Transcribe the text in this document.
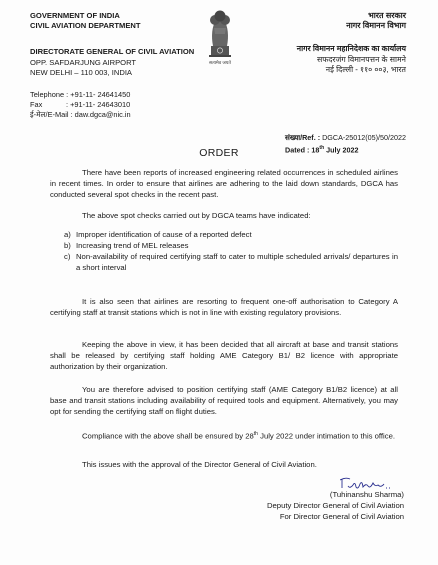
GOVERNMENT OF INDIA
CIVIL AVIATION DEPARTMENT
भारत सरकार
नागर विमानन विभाग
सत्यमेव जयते
DIRECTORATE GENERAL OF CIVIL AVIATION
OPP. SAFDARJUNG AIRPORT
NEW DELHI – 110 003, INDIA
नागर विमानन महानिदेशक का कार्यालय
सफदरजंग विमानपत्तन के सामने
नई दिल्ली - ११० ००३, भारत
Telephone : +91-11- 24641450
Fax	: +91-11- 24643010
ई-मेल/E-Mail : daw.dgca@nic.in
संख्या/Ref. : DGCA-25012(05)/50/2022
Dated : 18th July 2022
ORDER
There have been reports of increased engineering related occurrences in scheduled airlines in recent times. In order to ensure that airlines are adhering to the laid down standards, DGCA has conducted several spot checks in the recent past.
The above spot checks carried out by DGCA teams have indicated:
a) Improper identification of cause of a reported defect
b) Increasing trend of MEL releases
c) Non-availability of required certifying staff to cater to multiple scheduled arrivals/ departures in a short interval
It is also seen that airlines are resorting to frequent one-off authorisation to Category A certifying staff at transit stations which is not in line with existing regulatory provisions.
Keeping the above in view, it has been decided that all aircraft at base and transit stations shall be released by certifying staff holding AME Category B1/ B2 licence with appropriate authorization by their organization.
You are therefore advised to position certifying staff (AME Category B1/B2 licence) at all base and transit stations including availability of required tools and equipment. Alternatively, you may opt for sending the certifying staff on flight duties.
Compliance with the above shall be ensured by 28th July 2022 under intimation to this office.
This issues with the approval of the Director General of Civil Aviation.
(Tuhinanshu Sharma)
Deputy Director General of Civil Aviation
For Director General of Civil Aviation
